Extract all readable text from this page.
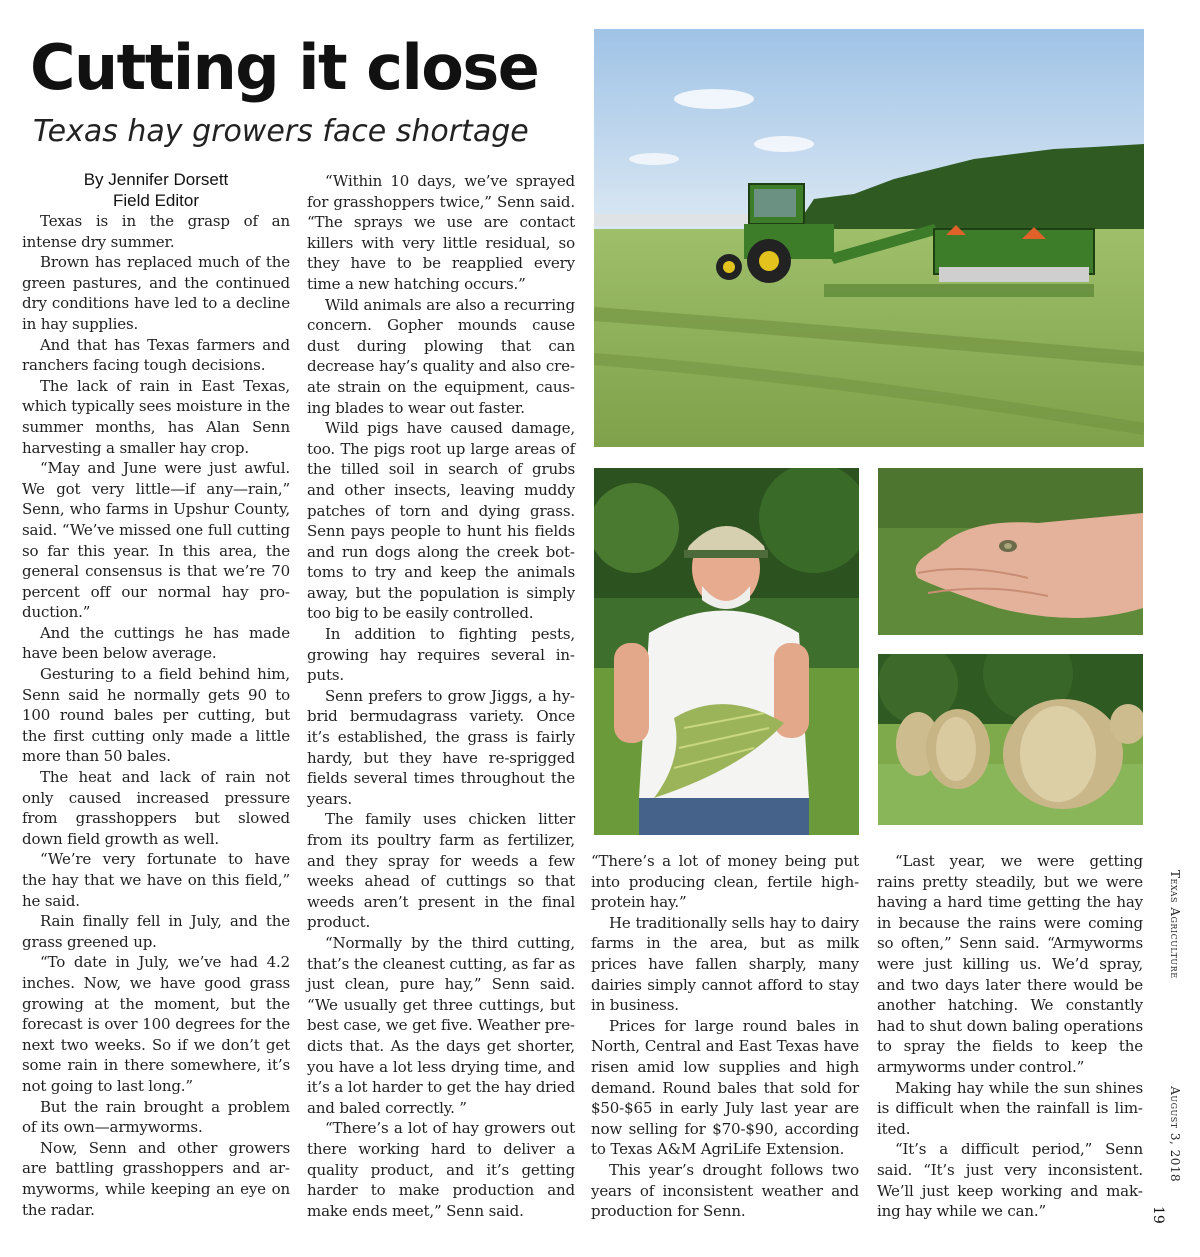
Cutting it close
Texas hay growers face shortage
By Jennifer Dorsett
Field Editor

Texas is in the grasp of an intense dry summer.

Brown has replaced much of the green pastures, and the continued dry conditions have led to a decline in hay supplies.

And that has Texas farmers and ranchers facing tough decisions.

The lack of rain in East Texas, which typically sees moisture in the summer months, has Alan Senn harvesting a smaller hay crop.

“May and June were just awful. We got very little—if any—rain,” Senn, who farms in Upshur County, said. “We’ve missed one full cutting so far this year. In this area, the general consensus is that we’re 70 percent off our normal hay production.”

And the cuttings he has made have been below average.

Gesturing to a field behind him, Senn said he normally gets 90 to 100 round bales per cutting, but the first cutting only made a little more than 50 bales.

The heat and lack of rain not only caused increased pressure from grasshoppers but slowed down field growth as well.

“We’re very fortunate to have the hay that we have on this field,” he said.

Rain finally fell in July, and the grass greened up.

“To date in July, we’ve had 4.2 inches. Now, we have good grass growing at the moment, but the forecast is over 100 degrees for the next two weeks. So if we don’t get some rain in there somewhere, it’s not going to last long.”

But the rain brought a problem of its own—armyworms.

Now, Senn and other growers are battling grasshoppers and armyworms, while keeping an eye on the radar.

“Within 10 days, we’ve sprayed for grasshoppers twice,” Senn said. “The sprays we use are contact killers with very little residual, so they have to be reapplied every time a new hatching occurs.”

Wild animals are also a recurring concern. Gopher mounds cause dust during plowing that can decrease hay’s quality and also create strain on the equipment, causing blades to wear out faster.

Wild pigs have caused damage, too. The pigs root up large areas of the tilled soil in search of grubs and other insects, leaving muddy patches of torn and dying grass. Senn pays people to hunt his fields and run dogs along the creek bottoms to try and keep the animals away, but the population is simply too big to be easily controlled.

In addition to fighting pests, growing hay requires several inputs.

Senn prefers to grow Jiggs, a hybrid bermudagrass variety. Once it’s established, the grass is fairly hardy, but they have re-sprigged fields several times throughout the years.

The family uses chicken litter from its poultry farm as fertilizer, and they spray for weeds a few weeks ahead of cuttings so that weeds aren’t present in the final product.

“Normally by the third cutting, that’s the cleanest cutting, as far as just clean, pure hay,” Senn said. “We usually get three cuttings, but best case, we get five. Weather predicts that. As the days get shorter, you have a lot less drying time, and it’s a lot harder to get the hay dried and baled correctly. ”

“There’s a lot of hay growers out there working hard to deliver a quality product, and it’s getting harder to make production and make ends meet,” Senn said.

“There’s a lot of money being put into producing clean, fertile high-protein hay.”

He traditionally sells hay to dairy farms in the area, but as milk prices have fallen sharply, many dairies simply cannot afford to stay in business.

Prices for large round bales in North, Central and East Texas have risen amid low supplies and high demand. Round bales that sold for $50-$65 in early July last year are now selling for $70-$90, according to Texas A&M AgriLife Extension.

This year’s drought follows two years of inconsistent weather and production for Senn.

“Last year, we were getting rains pretty steadily, but we were having a hard time getting the hay in because the rains were coming so often,” Senn said. “Armyworms were just killing us. We’d spray, and two days later there would be another hatching. We constantly had to shut down baling operations to spray the fields to keep the armyworms under control.”

Making hay while the sun shines is difficult when the rainfall is limited.

“It’s a difficult period,” Senn said. “It’s just very inconsistent. We’ll just keep working and making hay while we can.”

Texas Agriculture  August 3, 2018
19
